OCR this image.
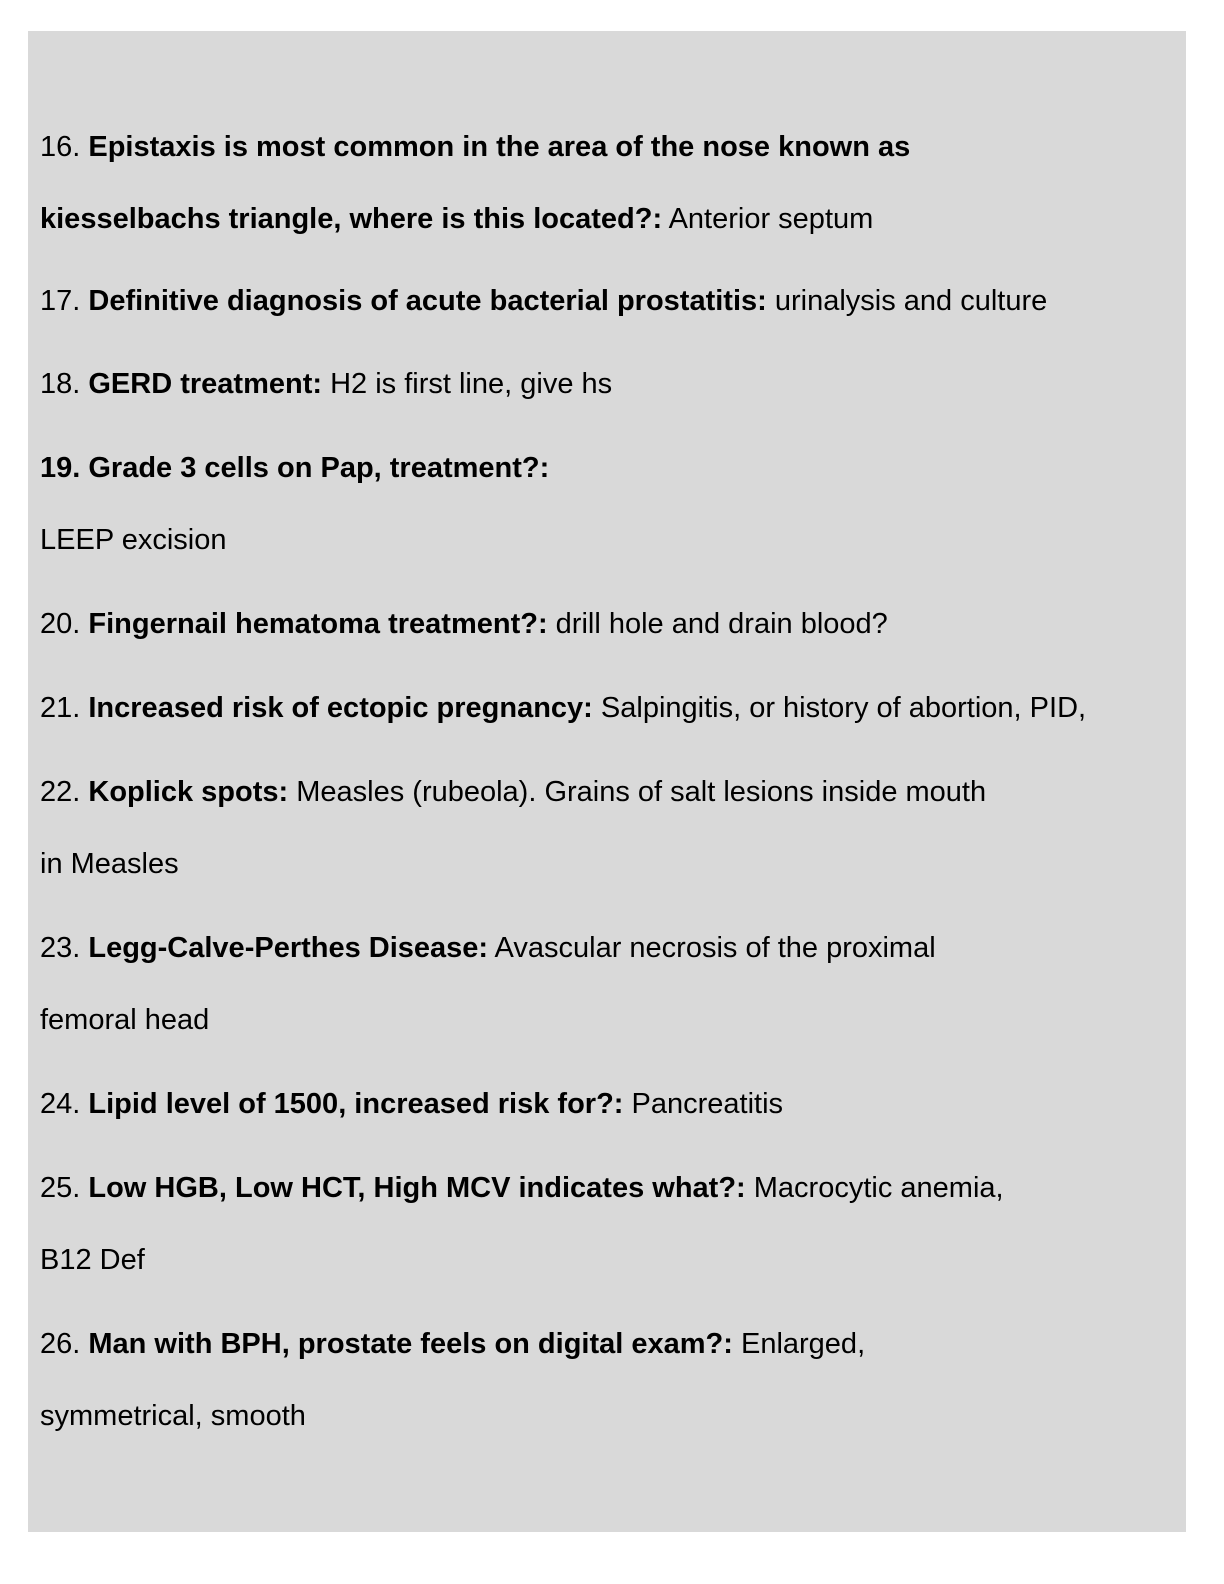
16. Epistaxis is most common in the area of the nose known as
kiesselbachs triangle, where is this located?: Anterior septum
17. Definitive diagnosis of acute bacterial prostatitis: urinalysis and culture
18. GERD treatment: H2 is first line, give hs
19. Grade 3 cells on Pap, treatment?:
LEEP excision
20. Fingernail hematoma treatment?: drill hole and drain blood?
21. Increased risk of ectopic pregnancy: Salpingitis, or history of abortion, PID,
22. Koplick spots: Measles (rubeola). Grains of salt lesions inside mouth
in Measles
23. Legg-Calve-Perthes Disease: Avascular necrosis of the proximal
femoral head
24. Lipid level of 1500, increased risk for?: Pancreatitis
25. Low HGB, Low HCT, High MCV indicates what?: Macrocytic anemia,
B12 Def
26. Man with BPH, prostate feels on digital exam?: Enlarged,
symmetrical, smooth
